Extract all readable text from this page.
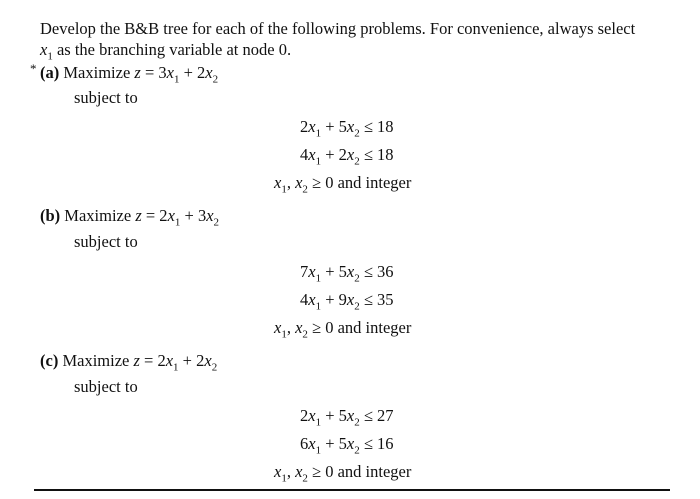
Develop the B&B tree for each of the following problems. For convenience, always select
$x_1$ as the branching variable at node 0.
* (a) Maximize $z = 3x_1 + 2x_2$
subject to
$2x_1 + 5x_2 \le 18$
$4x_1 + 2x_2 \le 18$
$x_1$, $x_2 \ge 0$ and integer
(b) Maximize $z = 2x_1 + 3x_2$
subject to
$7x_1 + 5x_2 \le 36$
$4x_1 + 9x_2 \le 35$
$x_1$, $x_2 \ge 0$ and integer
(c) Maximize $z = 2x_1 + 2x_2$
subject to
$2x_1 + 5x_2 \le 27$
$6x_1 + 5x_2 \le 16$
$x_1$, $x_2 \ge 0$ and integer
